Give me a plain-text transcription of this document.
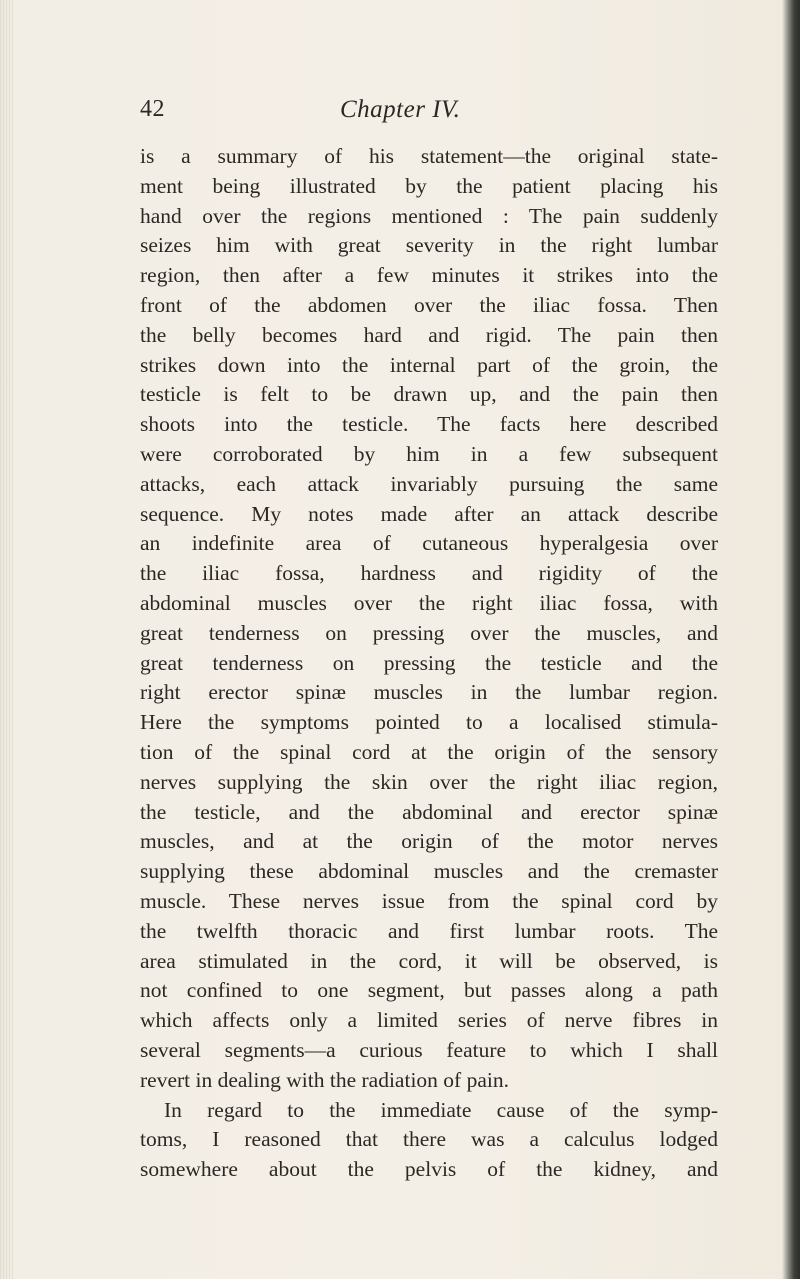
42	Chapter IV.
is a summary of his statement—the original state-
ment being illustrated by the patient placing his
hand over the regions mentioned : The pain suddenly
seizes him with great severity in the right lumbar
region, then after a few minutes it strikes into the
front of the abdomen over the iliac fossa. Then
the belly becomes hard and rigid. The pain then
strikes down into the internal part of the groin, the
testicle is felt to be drawn up, and the pain then
shoots into the testicle. The facts here described
were corroborated by him in a few subsequent
attacks, each attack invariably pursuing the same
sequence. My notes made after an attack describe
an indefinite area of cutaneous hyperalgesia over
the iliac fossa, hardness and rigidity of the
abdominal muscles over the right iliac fossa, with
great tenderness on pressing over the muscles, and
great tenderness on pressing the testicle and the
right erector spinæ muscles in the lumbar region.
Here the symptoms pointed to a localised stimula-
tion of the spinal cord at the origin of the sensory
nerves supplying the skin over the right iliac region,
the testicle, and the abdominal and erector spinæ
muscles, and at the origin of the motor nerves
supplying these abdominal muscles and the cremaster
muscle. These nerves issue from the spinal cord by
the twelfth thoracic and first lumbar roots. The
area stimulated in the cord, it will be observed, is
not confined to one segment, but passes along a path
which affects only a limited series of nerve fibres in
several segments—a curious feature to which I shall
revert in dealing with the radiation of pain.
In regard to the immediate cause of the symp-
toms, I reasoned that there was a calculus lodged
somewhere about the pelvis of the kidney, and
